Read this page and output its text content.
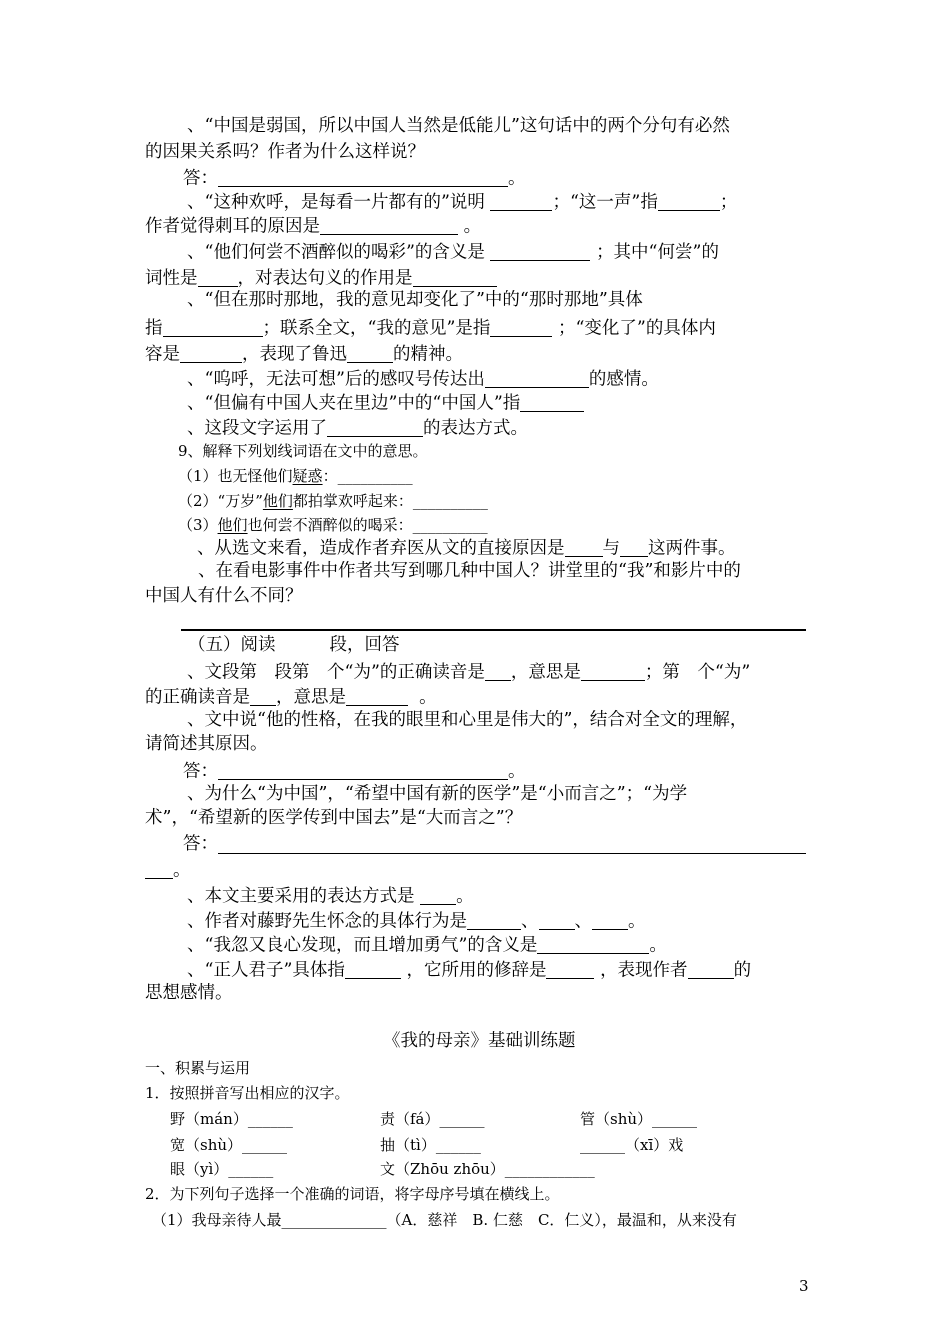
、“中国是弱国，所以中国人当然是低能儿”这句话中的两个分句有必然
的因果关系吗？作者为什么这样说？
答：	。
、“这种欢呼，是每看一片都有的”说明	；“这一声”指	；
作者觉得刺耳的原因是	。
、“他们何尝不酒醉似的喝彩”的含义是	；其中“何尝”的
词性是 ，对表达句义的作用是
、“但在那时那地，我的意见却变化了”中的“那时那地”具体
指	；联系全文，“我的意见”是指	；“变化了”的具体内
容是	，表现了鲁迅	的精神。
、“呜呼，无法可想”后的感叹号传达出	的感情。
、“但偏有中国人夹在里边”中的“中国人”指
、这段文字运用了	的表达方式。
9、解释下列划线词语在文中的意思。
（1）也无怪他们疑惑：__________
（2）“万岁”他们都拍掌欢呼起来：__________
（3）他们也何尝不酒醉似的喝采：__________
、从选文来看，造成作者弃医从文的直接原因是 与 这两件事。
、在看电影事件中作者共写到哪几种中国人？讲堂里的“我”和影片中的
中国人有什么不同？
（五）阅读	段，回答
、文段第　段第　个“为”的正确读音是 ，意思是	；第　个“为”
的正确读音是 ，意思是	。
、文中说“他的性格，在我的眼里和心里是伟大的”，结合对全文的理解，
请简述其原因。
答：	。
、为什么“为中国”，“希望中国有新的医学”是“小而言之”；“为学
术”，“希望新的医学传到中国去”是“大而言之”？
答：
。
、本文主要采用的表达方式是 。
、作者对藤野先生怀念的具体行为是	、 、 。
、“我忽又良心发现，而且增加勇气”的含义是	。
、“正人君子”具体指	，它所用的修辞是	，表现作者	的
思想感情。
《我的母亲》基础训练题
一、积累与运用
1．按照拼音写出相应的汉字。
野（mán）______	责（fá）______	管（shù）______
宽（shù）______	抽（tì）______	______（xī）戏
眼（yì）______	文（Zhōu zhōu）____________
2．为下列句子选择一个准确的词语，将字母序号填在横线上。
（1）我母亲待人最______________（A．慈祥　B. 仁慈　C．仁义），最温和，从来没有
3
